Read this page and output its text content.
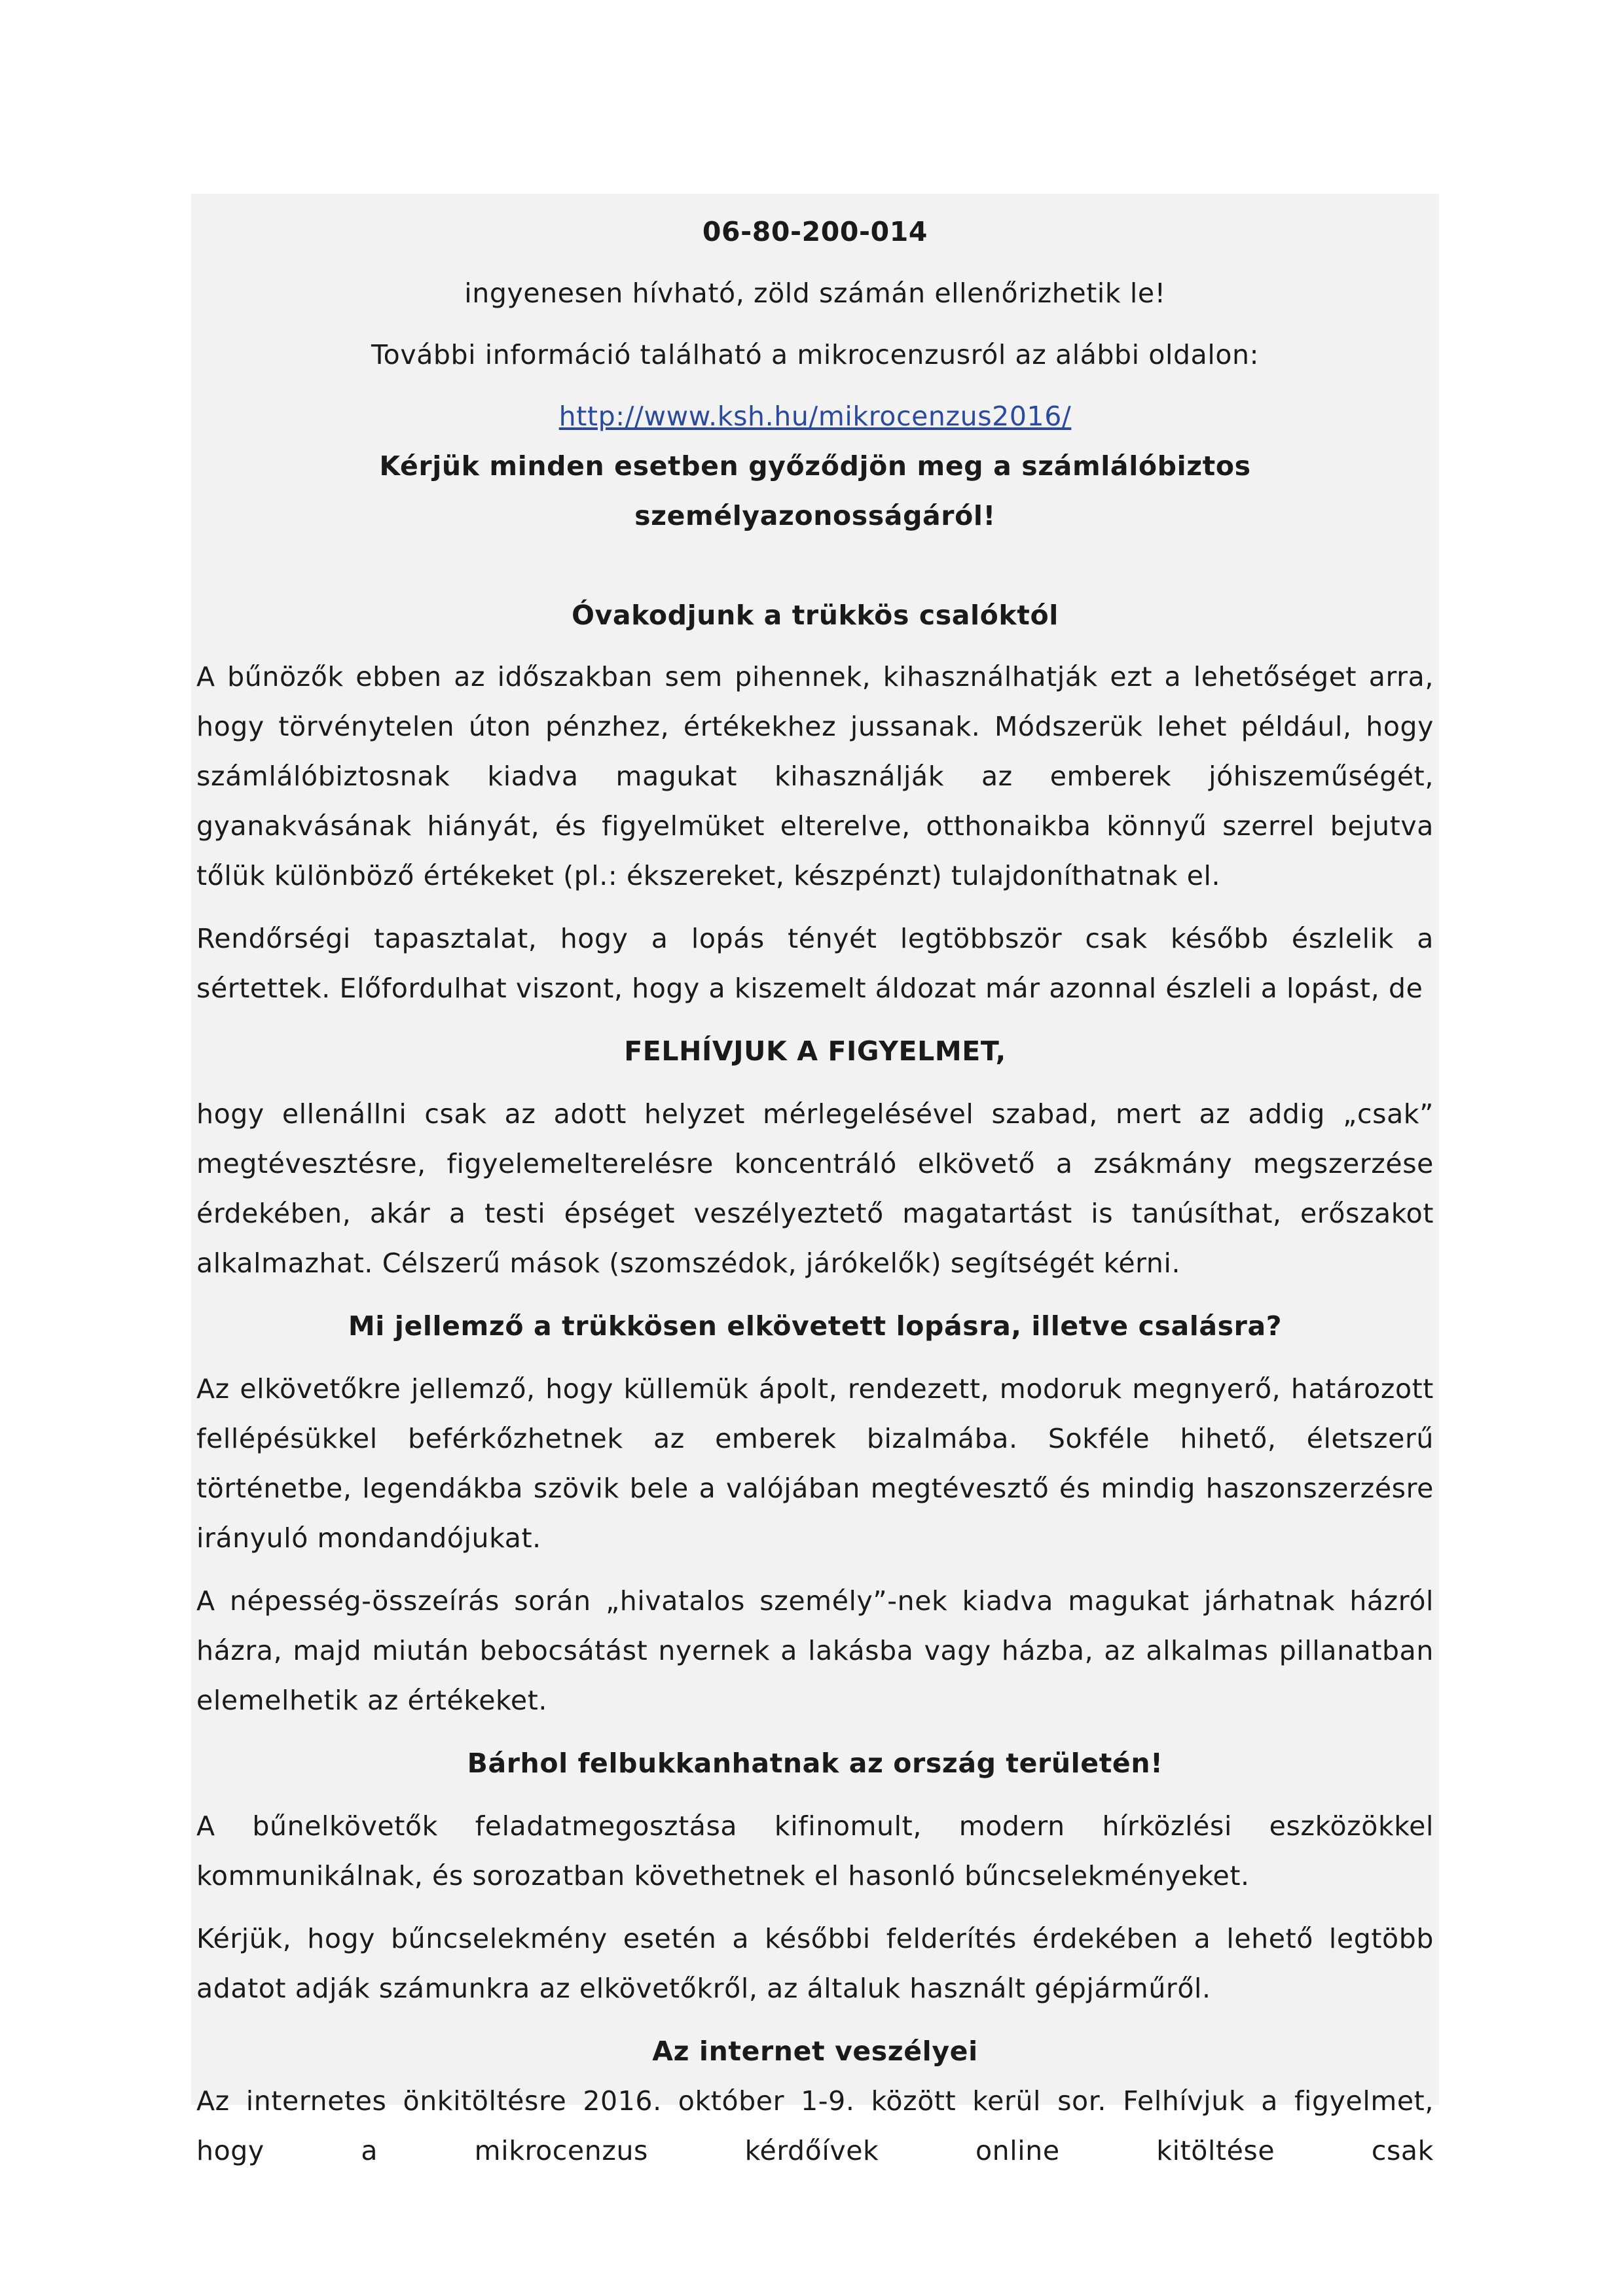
06-80-200-014

ingyenesen hívható, zöld számán ellenőrizhetik le!

További információ található a mikrocenzusról az alábbi oldalon:

http://www.ksh.hu/mikrocenzus2016/

Kérjük minden esetben győződjön meg a számlálóbiztos személyazonosságáról!

Óvakodjunk a trükkös csalóktól

A bűnözők ebben az időszakban sem pihennek, kihasználhatják ezt a lehetőséget arra, hogy törvénytelen úton pénzhez, értékekhez jussanak. Módszerük lehet például, hogy számlálóbiztosnak kiadva magukat kihasználják az emberek jóhiszeműségét, gyanakvásának hiányát, és figyelmüket elterelve, otthonaikba könnyű szerrel bejutva tőlük különböző értékeket (pl.: ékszereket, készpénzt) tulajdoníthatnak el.

Rendőrségi tapasztalat, hogy a lopás tényét legtöbbször csak később észlelik a sértettek. Előfordulhat viszont, hogy a kiszemelt áldozat már azonnal észleli a lopást, de

FELHÍVJUK A FIGYELMET,

hogy ellenállni csak az adott helyzet mérlegelésével szabad, mert az addig „csak” megtévesztésre, figyelemelterelésre koncentráló elkövető a zsákmány megszerzése érdekében, akár a testi épséget veszélyeztető magatartást is tanúsíthat, erőszakot alkalmazhat. Célszerű mások (szomszédok, járókelők) segítségét kérni.

Mi jellemző a trükkösen elkövetett lopásra, illetve csalásra?

Az elkövetőkre jellemző, hogy küllemük ápolt, rendezett, modoruk megnyerő, határozott fellépésükkel beférkőzhetnek az emberek bizalmába. Sokféle hihető, életszerű történetbe, legendákba szövik bele a valójában megtévesztő és mindig haszonszerzésre irányuló mondandójukat.

A népesség-összeírás során „hivatalos személy”-nek kiadva magukat járhatnak házról házra, majd miután bebocsátást nyernek a lakásba vagy házba, az alkalmas pillanatban elemelhetik az értékeket.

Bárhol felbukkanhatnak az ország területén!

A bűnelkövetők feladatmegosztása kifinomult, modern hírközlési eszközökkel kommunikálnak, és sorozatban követhetnek el hasonló bűncselekményeket.

Kérjük, hogy bűncselekmény esetén a későbbi felderítés érdekében a lehető legtöbb adatot adják számunkra az elkövetőkről, az általuk használt gépjárműről.

Az internet veszélyei

Az internetes önkitöltésre 2016. október 1-9. között kerül sor. Felhívjuk a figyelmet,

hogy a mikrocenzus kérdőívek online kitöltése csak
